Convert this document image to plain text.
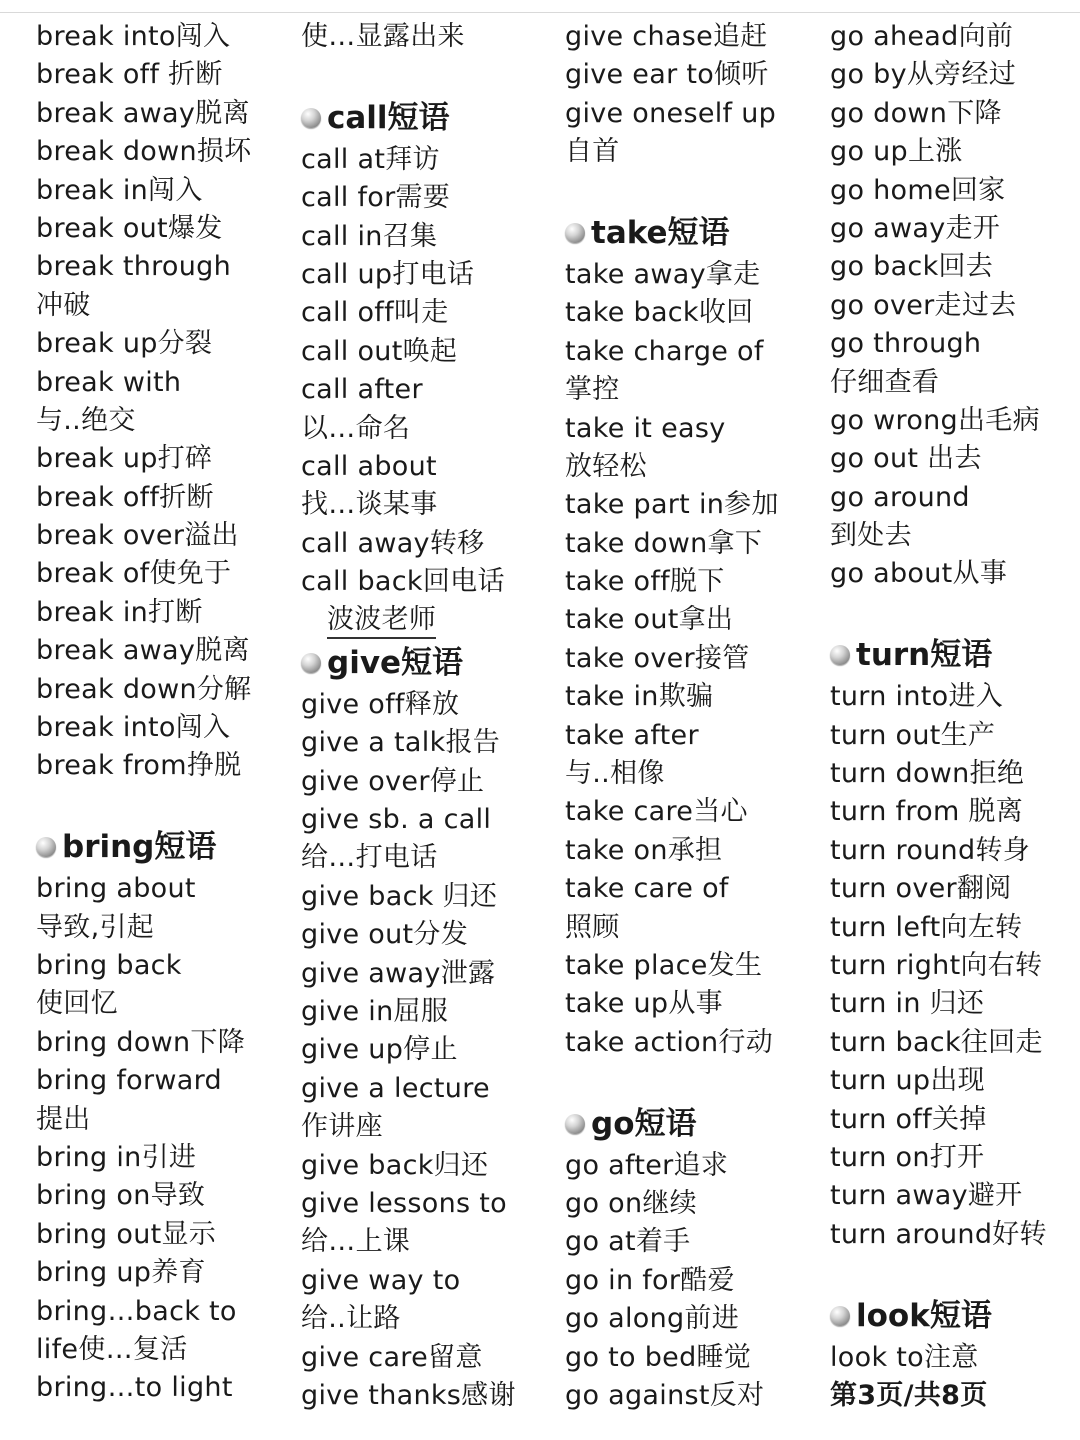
break into闯入
break off 折断
break away脱离
break down损坏
break in闯入
break out爆发
break through
冲破
break up分裂
break with
与..绝交
break up打碎
break off折断
break over溢出
break of使免于
break in打断
break away脱离
break down分解
break into闯入
break from挣脱
bring短语
bring about
导致,引起
bring back
使回忆
bring down下降
bring forward
提出
bring in引进
bring on导致
bring out显示
bring up养育
bring…back to
life使…复活
bring…to light
使…显露出来
call短语
call at拜访
call for需要
call in召集
call up打电话
call off叫走
call out唤起
call after
以…命名
call about
找…谈某事
call away转移
call back回电话
波波老师
give短语
give off释放
give a talk报告
give over停止
give sb. a call
给…打电话
give back 归还
give out分发
give away泄露
give in屈服
give up停止
give a lecture
作讲座
give back归还
give lessons to
给…上课
give way to
给..让路
give care留意
give thanks感谢
give chase追赶
give ear to倾听
give oneself up
自首
take短语
take away拿走
take back收回
take charge of
掌控
take it easy
放轻松
take part in参加
take down拿下
take off脱下
take out拿出
take over接管
take in欺骗
take after
与..相像
take care当心
take on承担
take care of
照顾
take place发生
take up从事
take action行动
go短语
go after追求
go on继续
go at着手
go in for酷爱
go along前进
go to bed睡觉
go against反对
go ahead向前
go by从旁经过
go down下降
go up上涨
go home回家
go away走开
go back回去
go over走过去
go through
仔细查看
go wrong出毛病
go out 出去
go around
到处去
go about从事
turn短语
turn into进入
turn out生产
turn down拒绝
turn from 脱离
turn round转身
turn over翻阅
turn left向左转
turn right向右转
turn in 归还
turn back往回走
turn up出现
turn off关掉
turn on打开
turn away避开
turn around好转
look短语
look to注意
第3页/共8页
